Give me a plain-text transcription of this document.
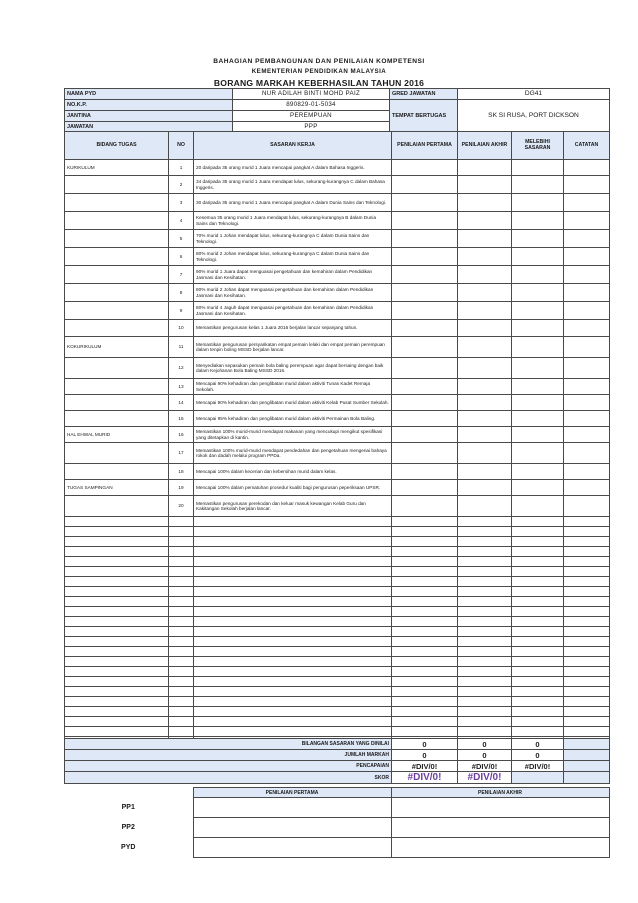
BAHAGIAN PEMBANGUNAN DAN PENILAIAN KOMPETENSI
KEMENTERIAN PENDIDIKAN MALAYSIA
BORANG MARKAH KEBERHASILAN TAHUN 2016
NAMA PYD	NUR ADILAH BINTI MOHD PAIZ	GRED JAWATAN	DG41
NO.K.P.	890829-01-5034	TEMPAT BERTUGAS	SK SI RUSA, PORT DICKSON
JANTINA	PEREMPUAN		
JAWATAN	PPP		
BIDANG TUGAS	NO	SASARAN KERJA	PENILAIAN PERTAMA	PENILAIAN AKHIR	MELEBIHI SASARAN	CATATAN
KURIKULUM	1	20 daripada 35 orang murid 1 Juara mencapai pangkat A dalam Bahasa Inggeris.				
	2	34 daripada 35 orang murid 1 Juara mendapat lulus, sekurang-kurangnya C dalam Bahasa Inggeris.				
	3	30 daripada 35 orang murid 1 Juara mencapai pangkat A dalam Dunia Sains dan Teknologi.				
	4	Kesemua 35 orang murid 1 Juara mendapat lulus, sekurang-kurangnya B dalam Dunia Sains dan Teknologi.				
	5	70% murid 1 Johan mendapat lulus, sekurang-kurangnya C dalam Dunia Sains dan Teknologi.				
	6	80% murid 2 Johan mendapat lulus, sekurang-kurangnya C dalam Dunia Sains dan Teknologi.				
	7	90% murid 1 Juara dapat menguasai pengetahuan dan kemahiran dalam Pendidikan Jasmani dan Kesihatan.				
	8	80% murid 2 Johan dapat menguasai pengetahuan dan kemahiran dalam Pendidikan Jasmani dan Kesihatan.				
	9	80% murid 4 Jaguh dapat menguasai pengetahuan dan kemahiran dalam Pendidikan Jasmani dan Kesihatan.				
	10	Memastikan pengurusan kelas 1 Juara 2016 berjalan lancar sepanjang tahun.				
KOKURIKULUM	11	Memastikan pengurusan persyarikatan empat pemain lelaki dan empat pemain perempuan dalam tenpin boling MSSD berjalan lancar.				
	12	Menyediakan sepasukan pemain bola baling perempuan agar dapat bersaing dengan baik dalam Kejohanan Bola Baling MSSD 2016.				
	13	Mencapai 90% kehadiran dan penglibatan murid dalam aktiviti Tunas Kadet Remaja Sekolah.				
	14	Mencapai 90% kehadiran dan penglibatan murid dalam aktiviti Kelab Pusat Sumber Sekolah.				
	15	Mencapai 95% kehadiran dan penglibatan murid dalam aktiviti Permainan Bola Baling.				
HAL EHWAL MURID	16	Memastikan 100% murid-murid mendapat makanan yang mencukupi mengikut spesifikasi yang ditetapkan di kantin.				
	17	Memastikan 100% murid-murid mendapat pendedahan dan pengetahuan mengenai bahaya rokok dan dadah melalui program PPDa.				
	18	Mencapai 100% dalam kecerian dan kebersihan murid dalam kelas.				
TUGAS SAMPINGAN	19	Mencapai 100% dalam pematuhan prosedur kualiti bagi pengurusan peperiksaan UPSR.				
	20	Memastikan pengurusan perekodan dan keluar masuk kewangan Kelab Guru dan Kakitangan Sekolah berjalan lancar.				

BILANGAN SASARAN YANG DINILAI	0	0	0	
JUMLAH MARKAH	0	0	0	
PENCAPAIAN	#DIV/0!	#DIV/0!	#DIV/0!	
SKOR	#DIV/0!	#DIV/0!		
	PENILAIAN PERTAMA	PENILAIAN AKHIR
PP1		
PP2		
PYD		
